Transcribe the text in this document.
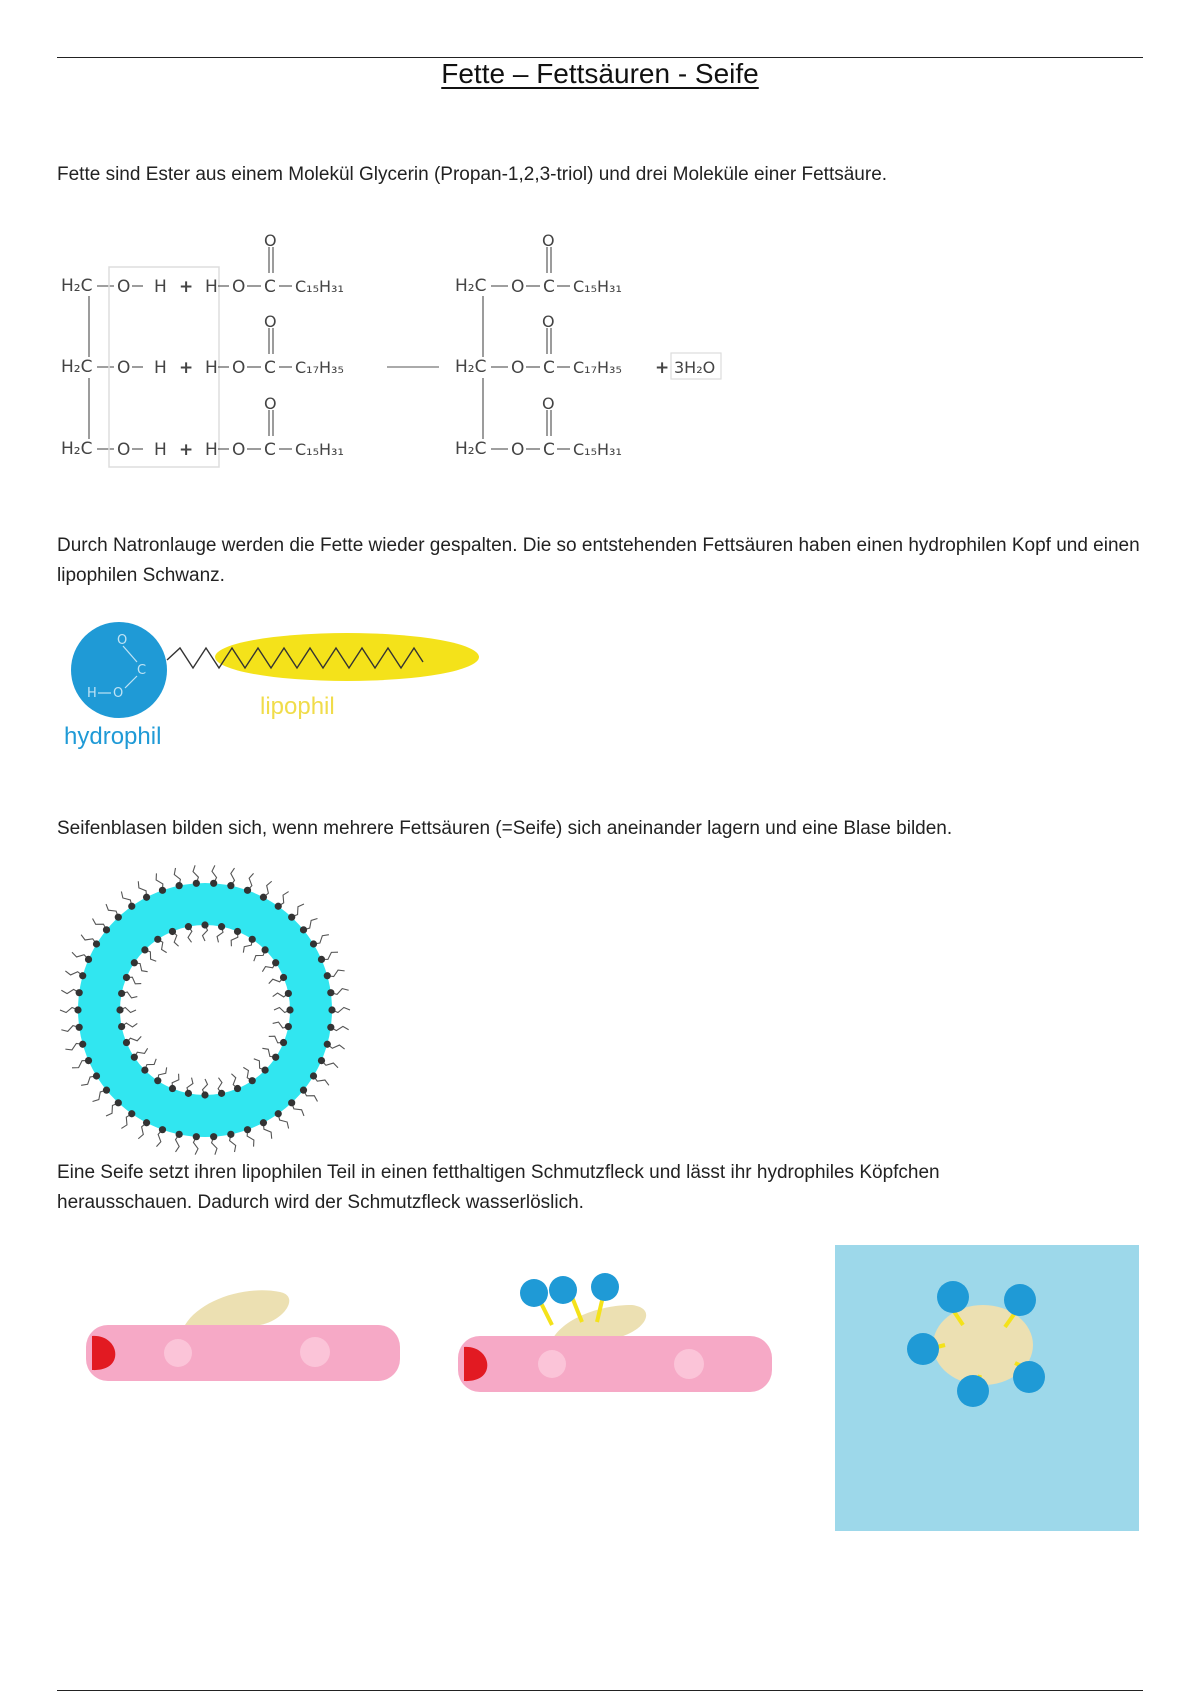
Fette – Fettsäuren - Seife
Fette sind Ester aus einem Molekül Glycerin (Propan-1,2,3-triol) und drei Moleküle einer Fettsäure.
H₂C
H₂C
H₂C
O
O
O
H
H
H
+
+
+
H O C
O
C₁₅H₃₁
H O C
O
C₁₇H₃₅
H O C
O
C₁₅H₃₁
H₂C
H₂C
H₂C
O
O
O
C
C
C
O
O
O
C₁₅H₃₁
C₁₇H₃₅
C₁₅H₃₁
+ 3H₂O
Durch Natronlauge werden die Fette wieder gespalten. Die so entstehenden Fettsäuren haben einen hydrophilen Kopf und einen lipophilen Schwanz.
O
C
H O
hydrophil
lipophil
Seifenblasen bilden sich, wenn mehrere Fettsäuren (=Seife) sich aneinander lagern und eine Blase bilden.
Eine Seife setzt ihren lipophilen Teil in einen fetthaltigen Schmutzfleck und lässt ihr hydrophiles Köpfchen herausschauen. Dadurch wird der Schmutzfleck wasserlöslich.
